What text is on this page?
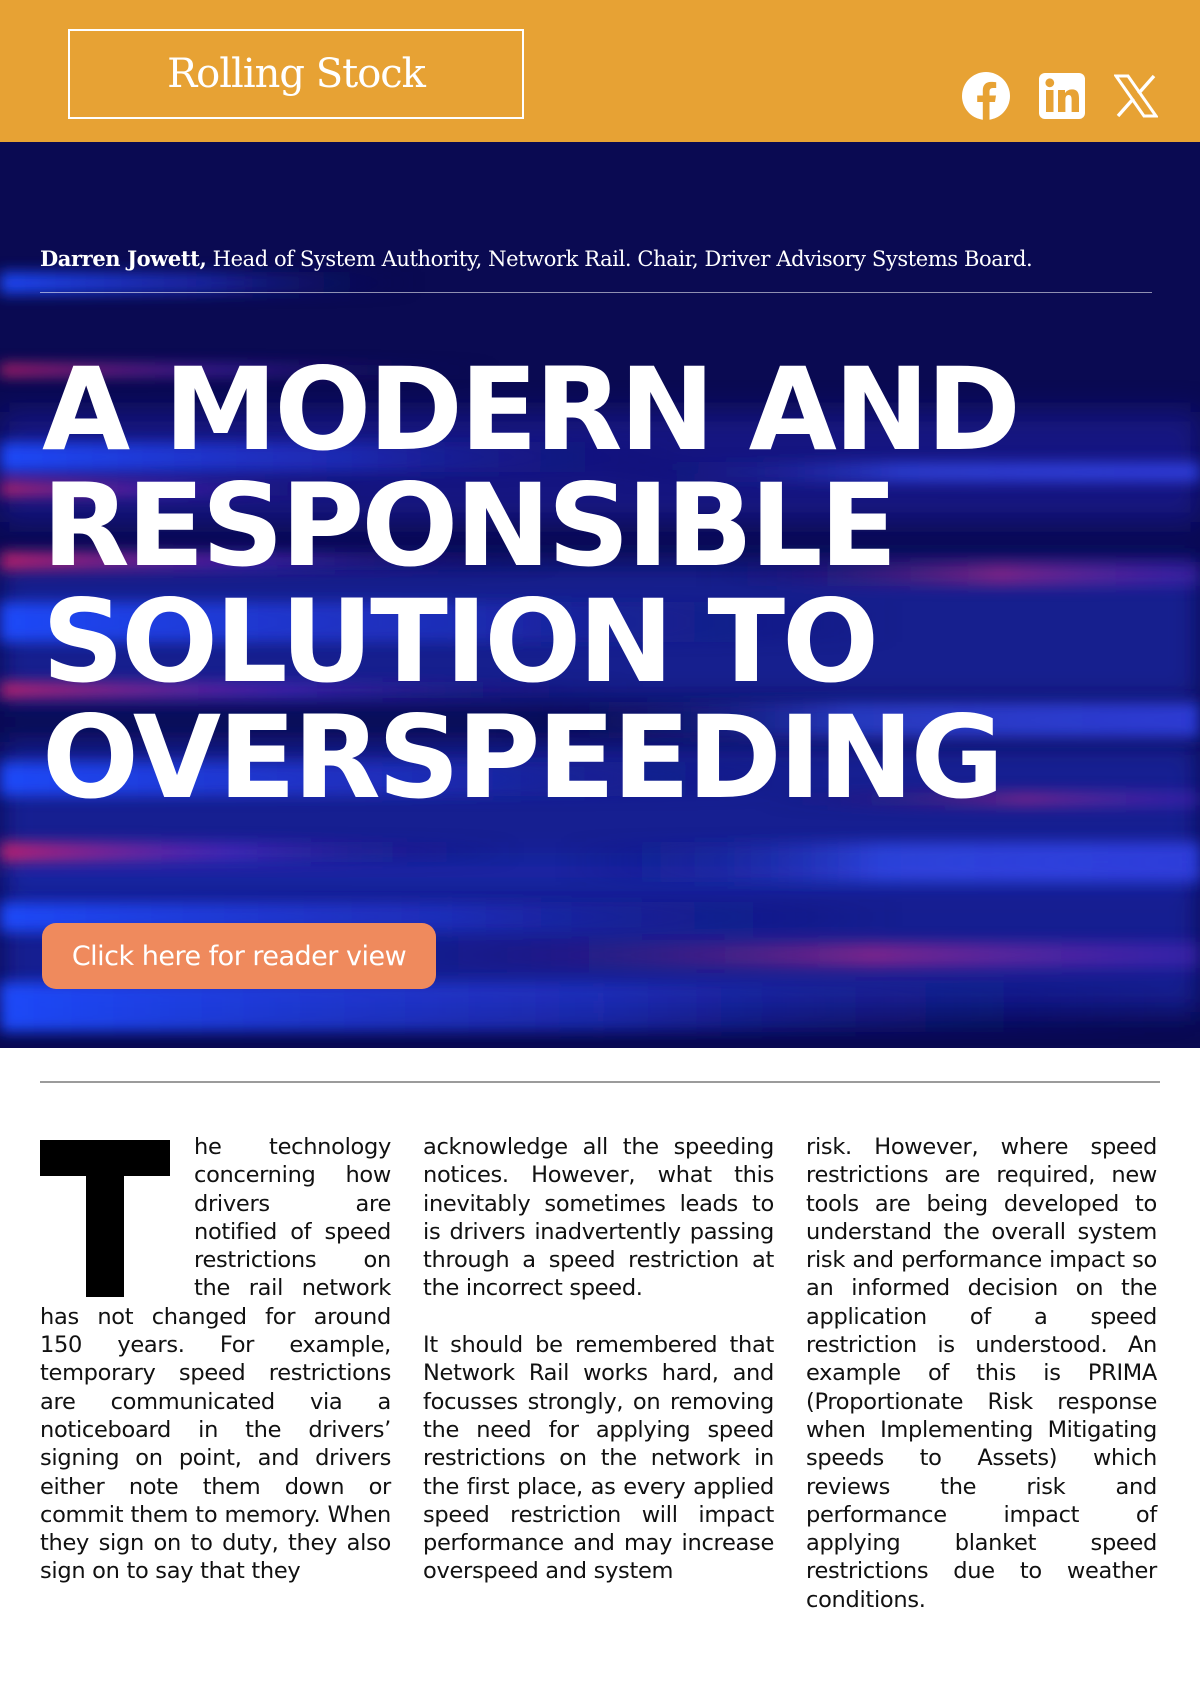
Rolling Stock
Darren Jowett, Head of System Authority, Network Rail. Chair, Driver Advisory Systems Board.
A MODERN AND
RESPONSIBLE
SOLUTION TO
OVERSPEEDING
Click here for reader view
he technology concerning how drivers are notified of speed restrictions on the rail network has not changed for around 150 years. For example, temporary speed restrictions are communicated via a noticeboard in the drivers’ signing on point, and drivers either note them down or commit them to memory. When they sign on to duty, they also sign on to say that they

acknowledge all the speeding notices. However, what this inevitably sometimes leads to is drivers inadvertently passing through a speed restriction at the incorrect speed.

It should be remembered that Network Rail works hard, and focusses strongly, on removing the need for applying speed restrictions on the network in the first place, as every applied speed restriction will impact performance and may increase overspeed and system

risk. However, where speed restrictions are required, new tools are being developed to understand the overall system risk and performance impact so an informed decision on the application of a speed restriction is understood. An example of this is PRIMA (Proportionate Risk response when Implementing Mitigating speeds to Assets) which reviews the risk and performance impact of applying blanket speed restrictions due to weather conditions.
